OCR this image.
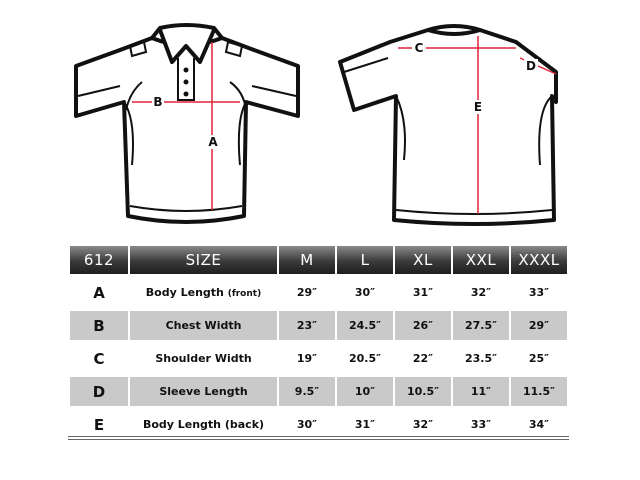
B
A
C
D
E
612	SIZE	M	L	XL	XXL	XXXL

A	Body Length (front)	29″	30″	31″	32″	33″

B	Chest Width	23″	24.5″	26″	27.5″	29″

C	Shoulder Width	19″	20.5″	22″	23.5″	25″

D	Sleeve Length	9.5″	10″	10.5″	11″	11.5″

E	Body Length (back)	30″	31″	32″	33″	34″
